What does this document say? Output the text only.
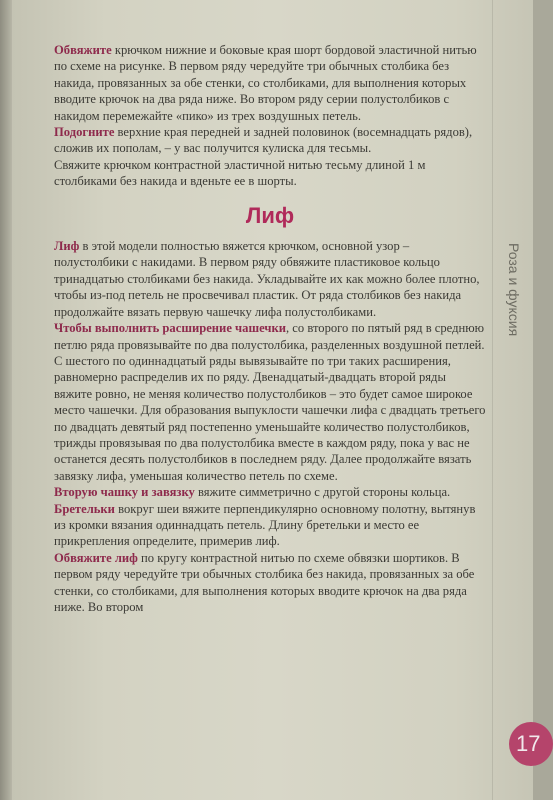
Роза и фуксия
17

Обвяжите крючком нижние и боковые края шорт бордовой эластичной нитью по схеме на рисунке. В первом ряду чередуйте три обычных столбика без накида, провязанных за обе стенки, со столбиками, для выполнения которых вводите крючок на два ряда ниже. Во втором ряду серии полустолбиков с накидом перемежайте «пико» из трех воздушных петель.

Подогните верхние края передней и задней половинок (восемнадцать рядов), сложив их пополам, – у вас получится кулиска для тесьмы.

Свяжите крючком контрастной эластичной нитью тесьму длиной 1 м столбиками без накида и вденьте ее в шорты.

Лиф

Лиф в этой модели полностью вяжется крючком, основной узор – полустолбики с накидами. В первом ряду обвяжите пластиковое кольцо тринадцатью столбиками без накида. Укладывайте их как можно более плотно, чтобы из-под петель не просвечивал пластик. От ряда столбиков без накида продолжайте вязать первую чашечку лифа полустолбиками.

Чтобы выполнить расширение чашечки, со второго по пятый ряд в среднюю петлю ряда провязывайте по два полустолбика, разделенных воздушной петлей. С шестого по одиннадцатый ряды вывязывайте по три таких расширения, равномерно распределив их по ряду. Двенадцатый-двадцать второй ряды вяжите ровно, не меняя количество полустолбиков – это будет самое широкое место чашечки. Для образования выпуклости чашечки лифа с двадцать третьего по двадцать девятый ряд постепенно уменьшайте количество полустолбиков, трижды провязывая по два полустолбика вместе в каждом ряду, пока у вас не останется десять полустолбиков в последнем ряду. Далее продолжайте вязать завязку лифа, уменьшая количество петель по схеме.

Вторую чашку и завязку вяжите симметрично с другой стороны кольца.

Бретельки вокруг шеи вяжите перпендикулярно основному полотну, вытянув из кромки вязания одиннадцать петель. Длину бретельки и место ее прикрепления определите, примерив лиф.

Обвяжите лиф по кругу контрастной нитью по схеме обвязки шортиков. В первом ряду чередуйте три обычных столбика без накида, провязанных за обе стенки, со столбиками, для выполнения которых вводите крючок на два ряда ниже. Во втором
